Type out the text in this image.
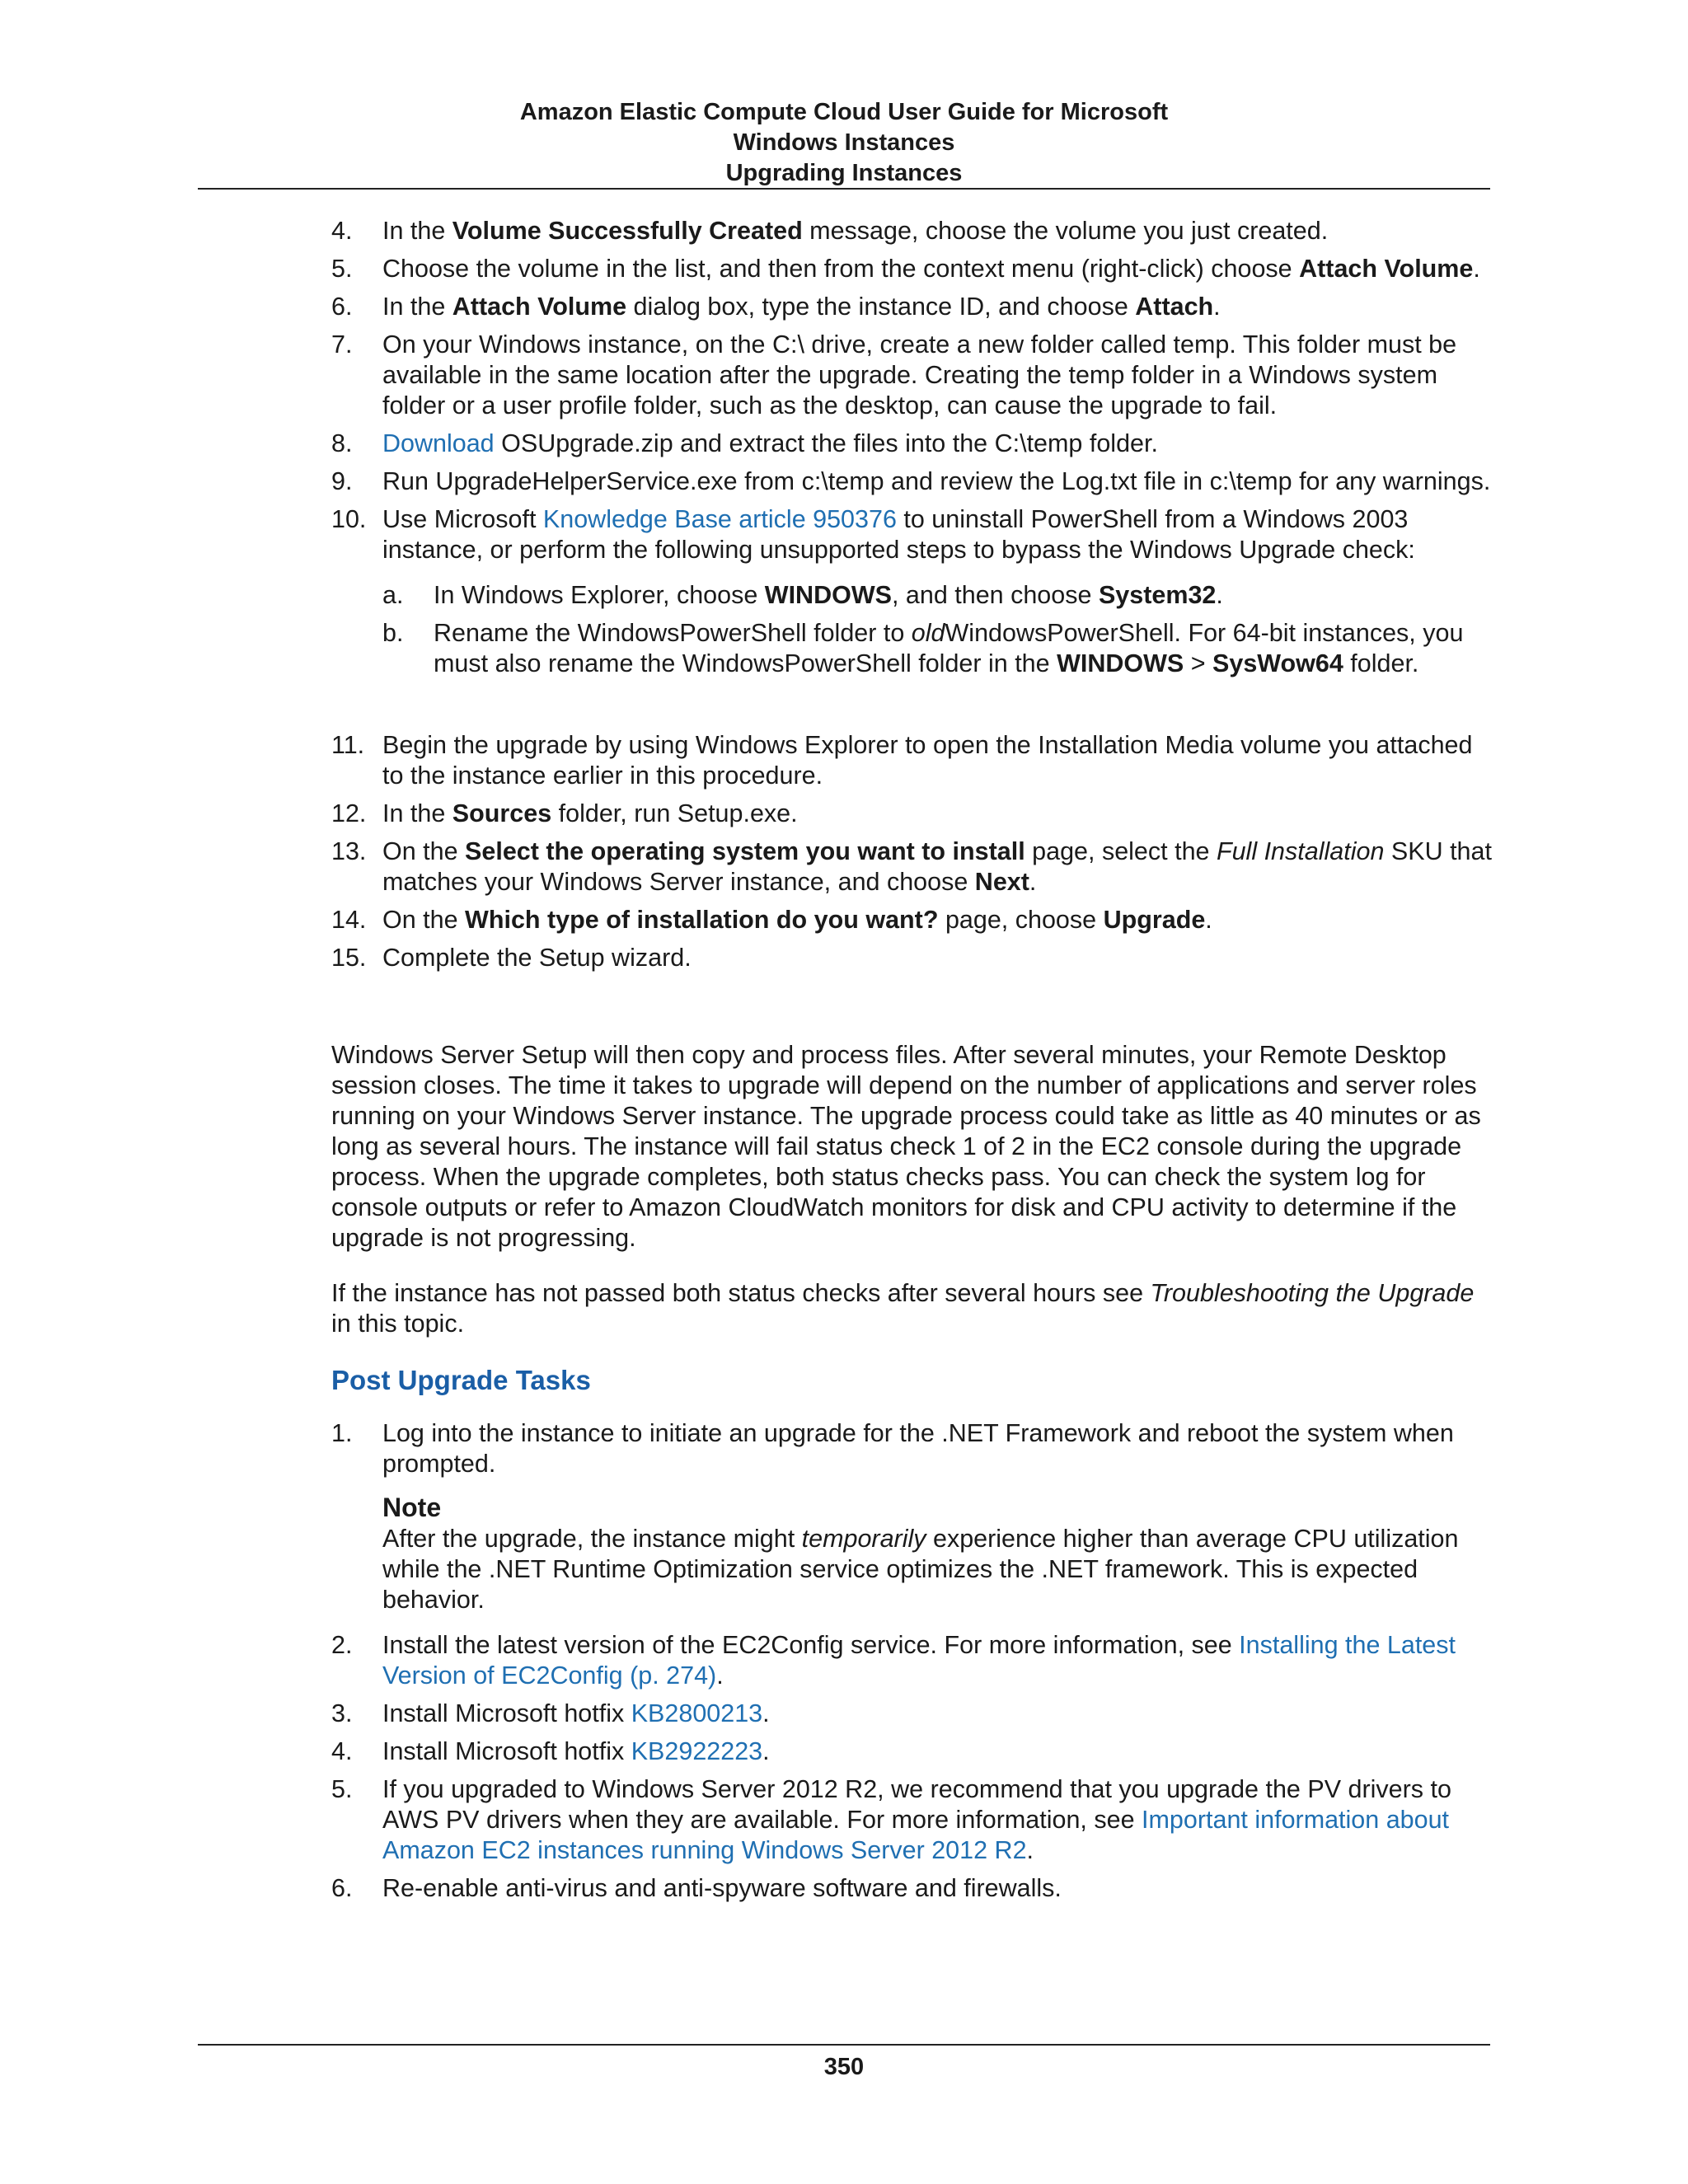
Amazon Elastic Compute Cloud User Guide for Microsoft
Windows Instances
Upgrading Instances
4. In the Volume Successfully Created message, choose the volume you just created.
5. Choose the volume in the list, and then from the context menu (right-click) choose Attach Volume.
6. In the Attach Volume dialog box, type the instance ID, and choose Attach.
7. On your Windows instance, on the C:\ drive, create a new folder called temp. This folder must be available in the same location after the upgrade. Creating the temp folder in a Windows system folder or a user profile folder, such as the desktop, can cause the upgrade to fail.
8. Download OSUpgrade.zip and extract the files into the C:\temp folder.
9. Run UpgradeHelperService.exe from c:\temp and review the Log.txt file in c:\temp for any warnings.
10. Use Microsoft Knowledge Base article 950376 to uninstall PowerShell from a Windows 2003 instance, or perform the following unsupported steps to bypass the Windows Upgrade check:
a. In Windows Explorer, choose WINDOWS, and then choose System32.
b. Rename the WindowsPowerShell folder to oldWindowsPowerShell. For 64-bit instances, you must also rename the WindowsPowerShell folder in the WINDOWS > SysWow64 folder.
11. Begin the upgrade by using Windows Explorer to open the Installation Media volume you attached to the instance earlier in this procedure.
12. In the Sources folder, run Setup.exe.
13. On the Select the operating system you want to install page, select the Full Installation SKU that matches your Windows Server instance, and choose Next.
14. On the Which type of installation do you want? page, choose Upgrade.
15. Complete the Setup wizard.

Windows Server Setup will then copy and process files. After several minutes, your Remote Desktop session closes. The time it takes to upgrade will depend on the number of applications and server roles running on your Windows Server instance. The upgrade process could take as little as 40 minutes or as long as several hours. The instance will fail status check 1 of 2 in the EC2 console during the upgrade process. When the upgrade completes, both status checks pass. You can check the system log for console outputs or refer to Amazon CloudWatch monitors for disk and CPU activity to determine if the upgrade is not progressing.

If the instance has not passed both status checks after several hours see Troubleshooting the Upgrade in this topic.

Post Upgrade Tasks
1. Log into the instance to initiate an upgrade for the .NET Framework and reboot the system when prompted.
Note
After the upgrade, the instance might temporarily experience higher than average CPU utilization while the .NET Runtime Optimization service optimizes the .NET framework. This is expected behavior.
2. Install the latest version of the EC2Config service. For more information, see Installing the Latest Version of EC2Config (p. 274).
3. Install Microsoft hotfix KB2800213.
4. Install Microsoft hotfix KB2922223.
5. If you upgraded to Windows Server 2012 R2, we recommend that you upgrade the PV drivers to AWS PV drivers when they are available. For more information, see Important information about Amazon EC2 instances running Windows Server 2012 R2.
6. Re-enable anti-virus and anti-spyware software and firewalls.
350
